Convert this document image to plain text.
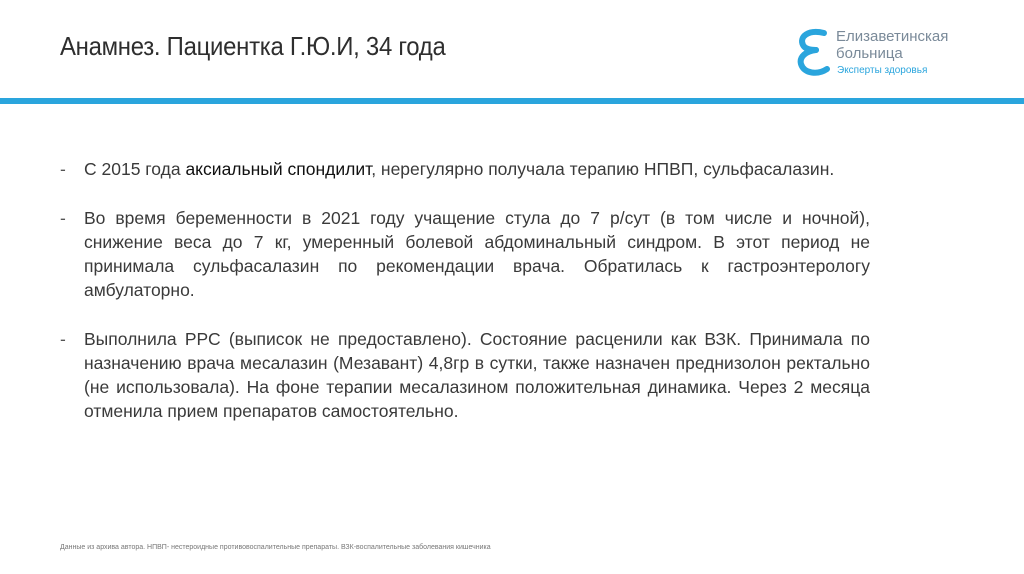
Анамнез. Пациентка Г.Ю.И, 34 года	Елизаветинская
больница
Эксперты здоровья

- С 2015 года аксиальный спондилит, нерегулярно получала терапию НПВП, сульфасалазин.

- Во время беременности в 2021 году учащение стула до 7 р/сут (в том числе и ночной), снижение веса до 7 кг, умеренный болевой абдоминальный синдром. В этот период не принимала сульфасалазин по рекомендации врача. Обратилась к гастроэнтерологу амбулаторно.

- Выполнила РРС (выписок не предоставлено). Состояние расценили как ВЗК. Принимала по назначению врача месалазин (Мезавант) 4,8гр в сутки, также назначен преднизолон ректально (не использовала). На фоне терапии месалазином положительная динамика. Через 2 месяца отменила прием препаратов самостоятельно.

Данные из архива автора. НПВП- нестероидные противовоспалительные препараты. ВЗК-воспалительные заболевания кишечника
